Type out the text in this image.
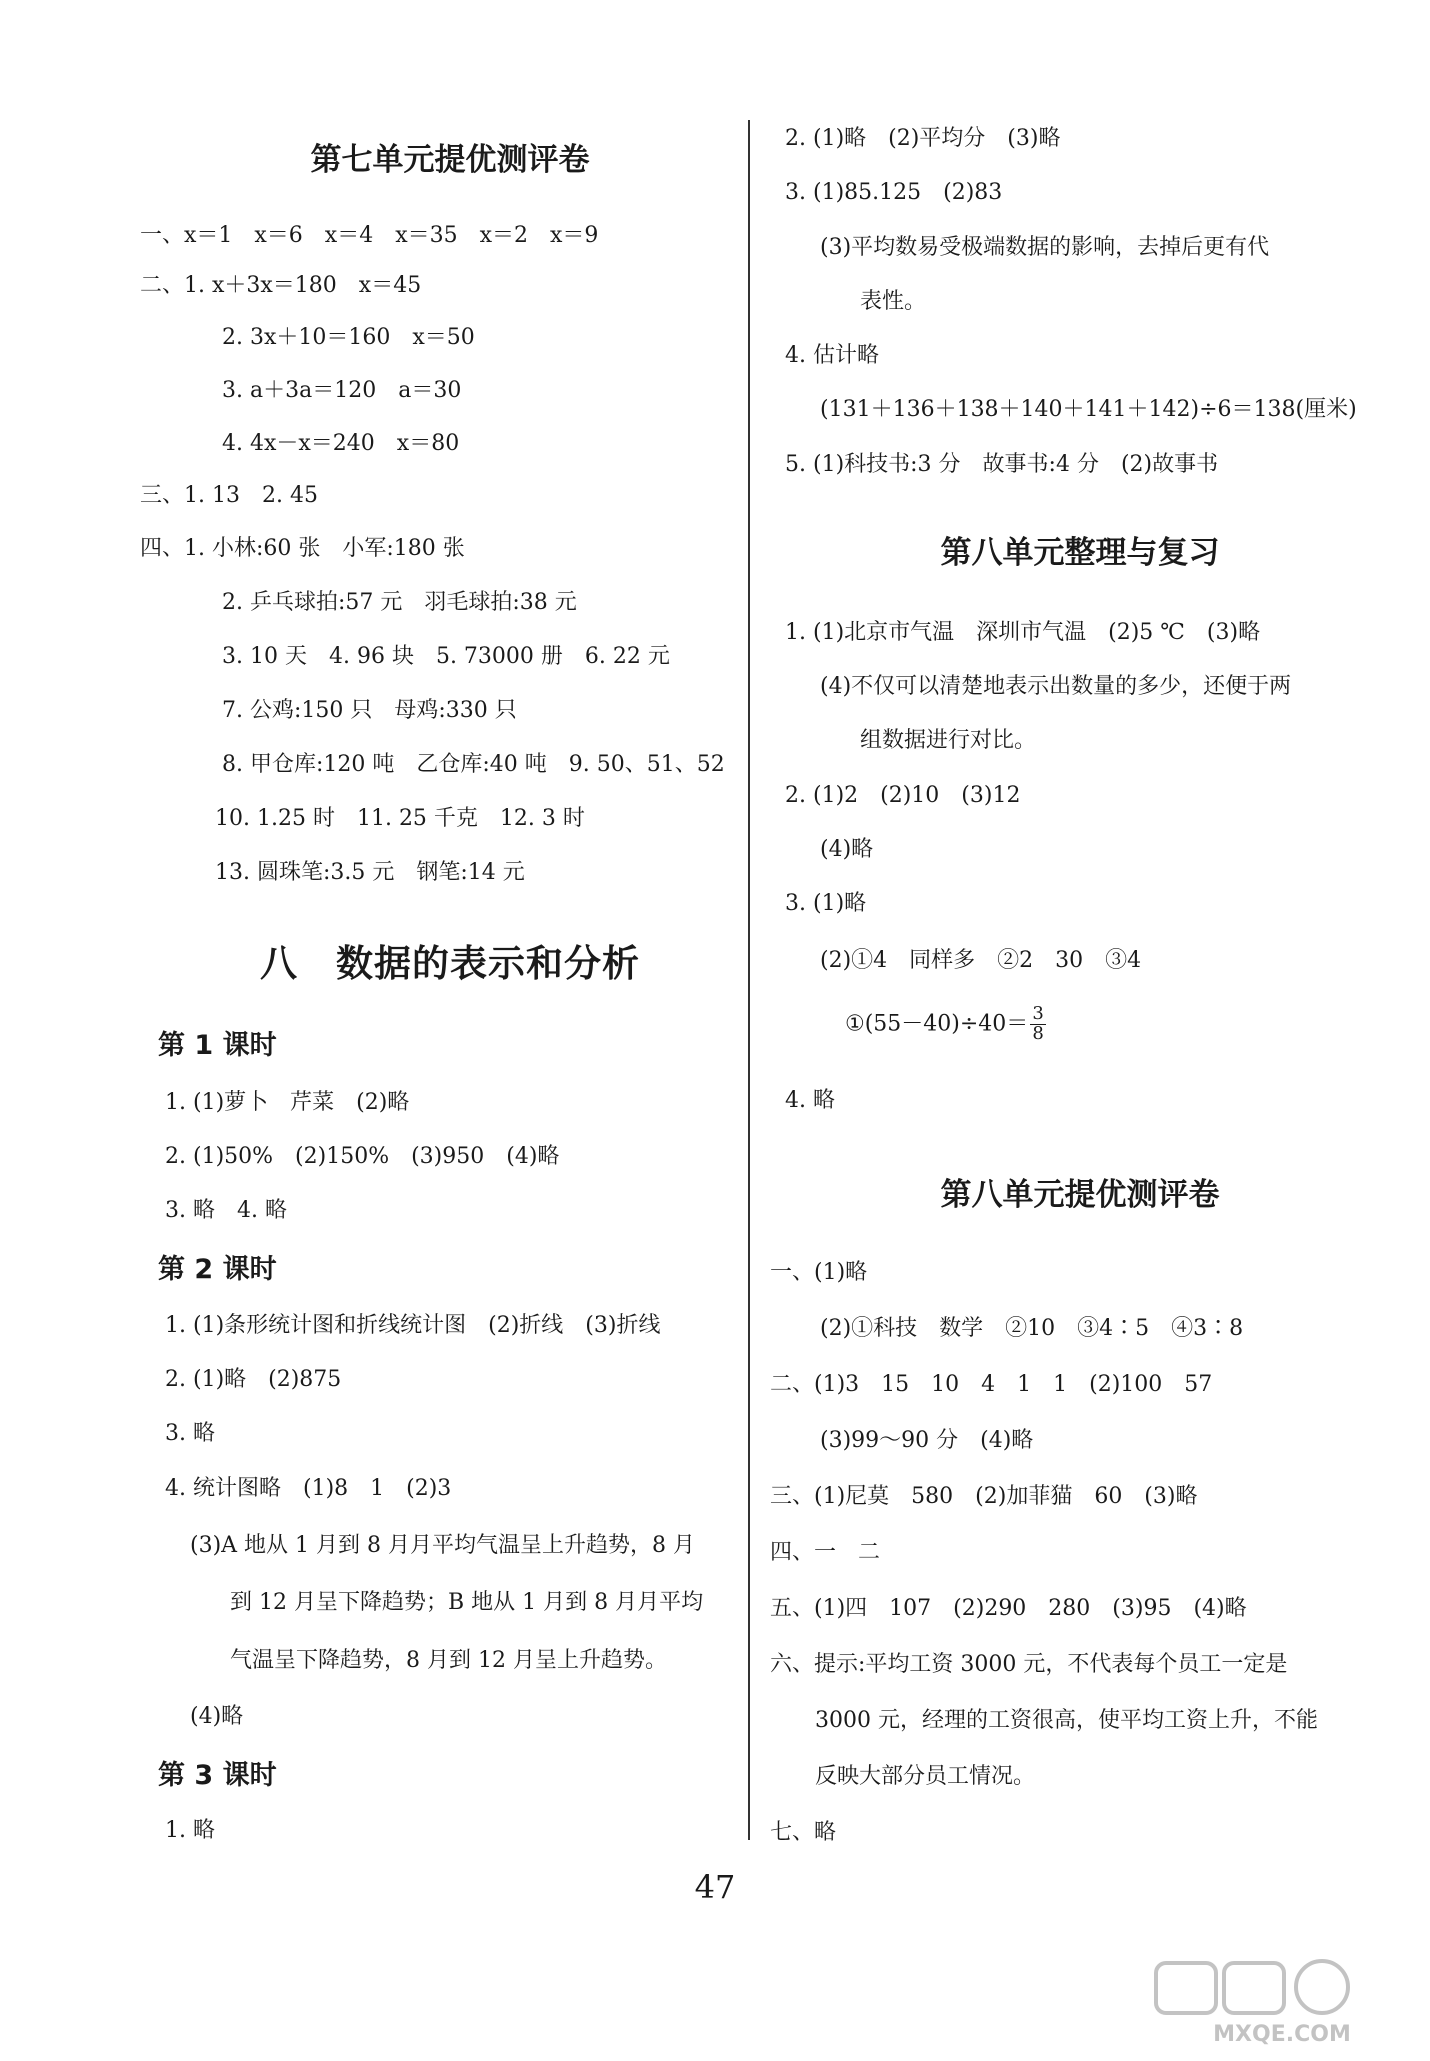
第七单元提优测评卷

一、x＝1　x＝6　x＝4　x＝35　x＝2　x＝9

二、1. x＋3x＝180　x＝45

2. 3x＋10＝160　x＝50

3. a＋3a＝120　a＝30

4. 4x－x＝240　x＝80

三、1. 13　2. 45

四、1. 小林:60 张　小军:180 张

2. 乒乓球拍:57 元　羽毛球拍:38 元

3. 10 天　4. 96 块　5. 73000 册　6. 22 元

7. 公鸡:150 只　母鸡:330 只

8. 甲仓库:120 吨　乙仓库:40 吨　9. 50、51、52

10. 1.25 时　11. 25 千克　12. 3 时

13. 圆珠笔:3.5 元　钢笔:14 元

八　数据的表示和分析
第 1 课时

1. (1)萝卜　芹菜　(2)略

2. (1)50%　(2)150%　(3)950　(4)略

3. 略　4. 略

第 2 课时

1. (1)条形统计图和折线统计图　(2)折线　(3)折线

2. (1)略　(2)875

3. 略

4. 统计图略　(1)8　1　(2)3

(3)A 地从 1 月到 8 月月平均气温呈上升趋势，8 月

到 12 月呈下降趋势；B 地从 1 月到 8 月月平均

气温呈下降趋势，8 月到 12 月呈上升趋势。

(4)略

第 3 课时

1. 略

2. (1)略　(2)平均分　(3)略

3. (1)85.125　(2)83

(3)平均数易受极端数据的影响，去掉后更有代

表性。

4. 估计略

(131＋136＋138＋140＋141＋142)÷6＝138(厘米)

5. (1)科技书:3 分　故事书:4 分　(2)故事书

第八单元整理与复习

1. (1)北京市气温　深圳市气温　(2)5 ℃　(3)略

(4)不仅可以清楚地表示出数量的多少，还便于两

组数据进行对比。

2. (1)2　(2)10　(3)12

(4)略

3. (1)略

(2)①4　同样多　②2　30　③4

①(55－40)÷40＝ $\frac{3}{8}$

4. 略

第八单元提优测评卷

一、(1)略

(2)①科技　数学　②10　③4∶5　④3∶8

二、(1)3　15　10　4　1　1　(2)100　57

(3)99～90 分　(4)略

三、(1)尼莫　580　(2)加菲猫　60　(3)略

四、一　二

五、(1)四　107　(2)290　280　(3)95　(4)略

六、提示:平均工资 3000 元，不代表每个员工一定是

3000 元，经理的工资很高，使平均工资上升，不能

反映大部分员工情况。

七、略

47
MXQE.COM
